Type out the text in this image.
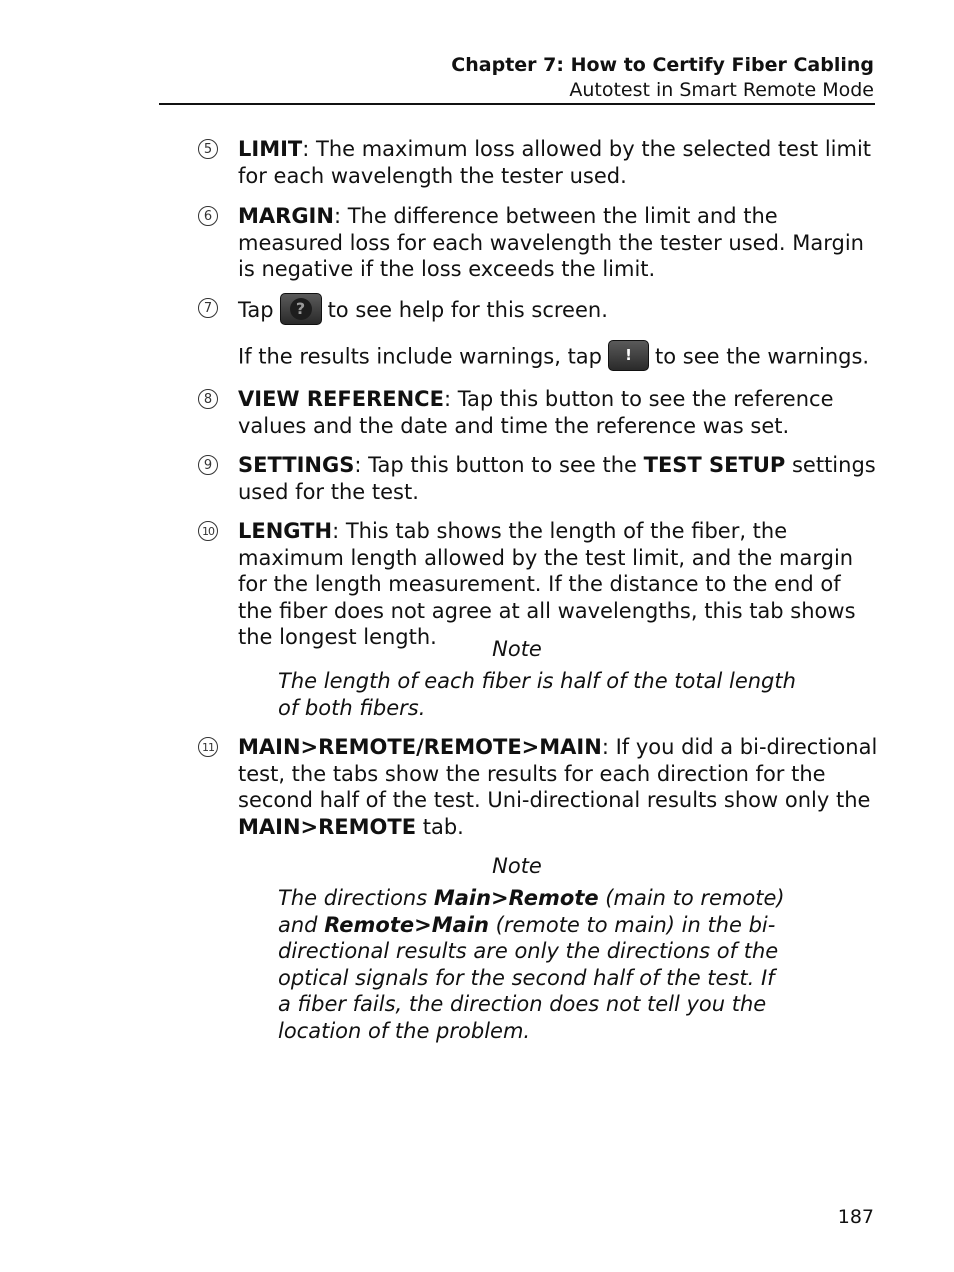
Chapter 7: How to Certify Fiber Cabling
Autotest in Smart Remote Mode
5 LIMIT: The maximum loss allowed by the selected test limit for each wavelength the tester used.
6 MARGIN: The difference between the limit and the measured loss for each wavelength the tester used. Margin is negative if the loss exceeds the limit.
7 Tap ? to see help for this screen.
If the results include warnings, tap ! to see the warnings.
8 VIEW REFERENCE: Tap this button to see the reference values and the date and time the reference was set.
9 SETTINGS: Tap this button to see the TEST SETUP settings used for the test.
10 LENGTH: This tab shows the length of the fiber, the maximum length allowed by the test limit, and the margin for the length measurement. If the distance to the end of the fiber does not agree at all wavelengths, this tab shows the longest length.	Note
The length of each fiber is half of the total length of both fibers.
11 MAIN>REMOTE/REMOTE>MAIN: If you did a bi-directional test, the tabs show the results for each direction for the second half of the test. Uni-directional results show only the MAIN>REMOTE tab.
Note
The directions Main>Remote (main to remote) and Remote>Main (remote to main) in the bi-directional results are only the directions of the optical signals for the second half of the test. If a fiber fails, the direction does not tell you the location of the problem.
187
